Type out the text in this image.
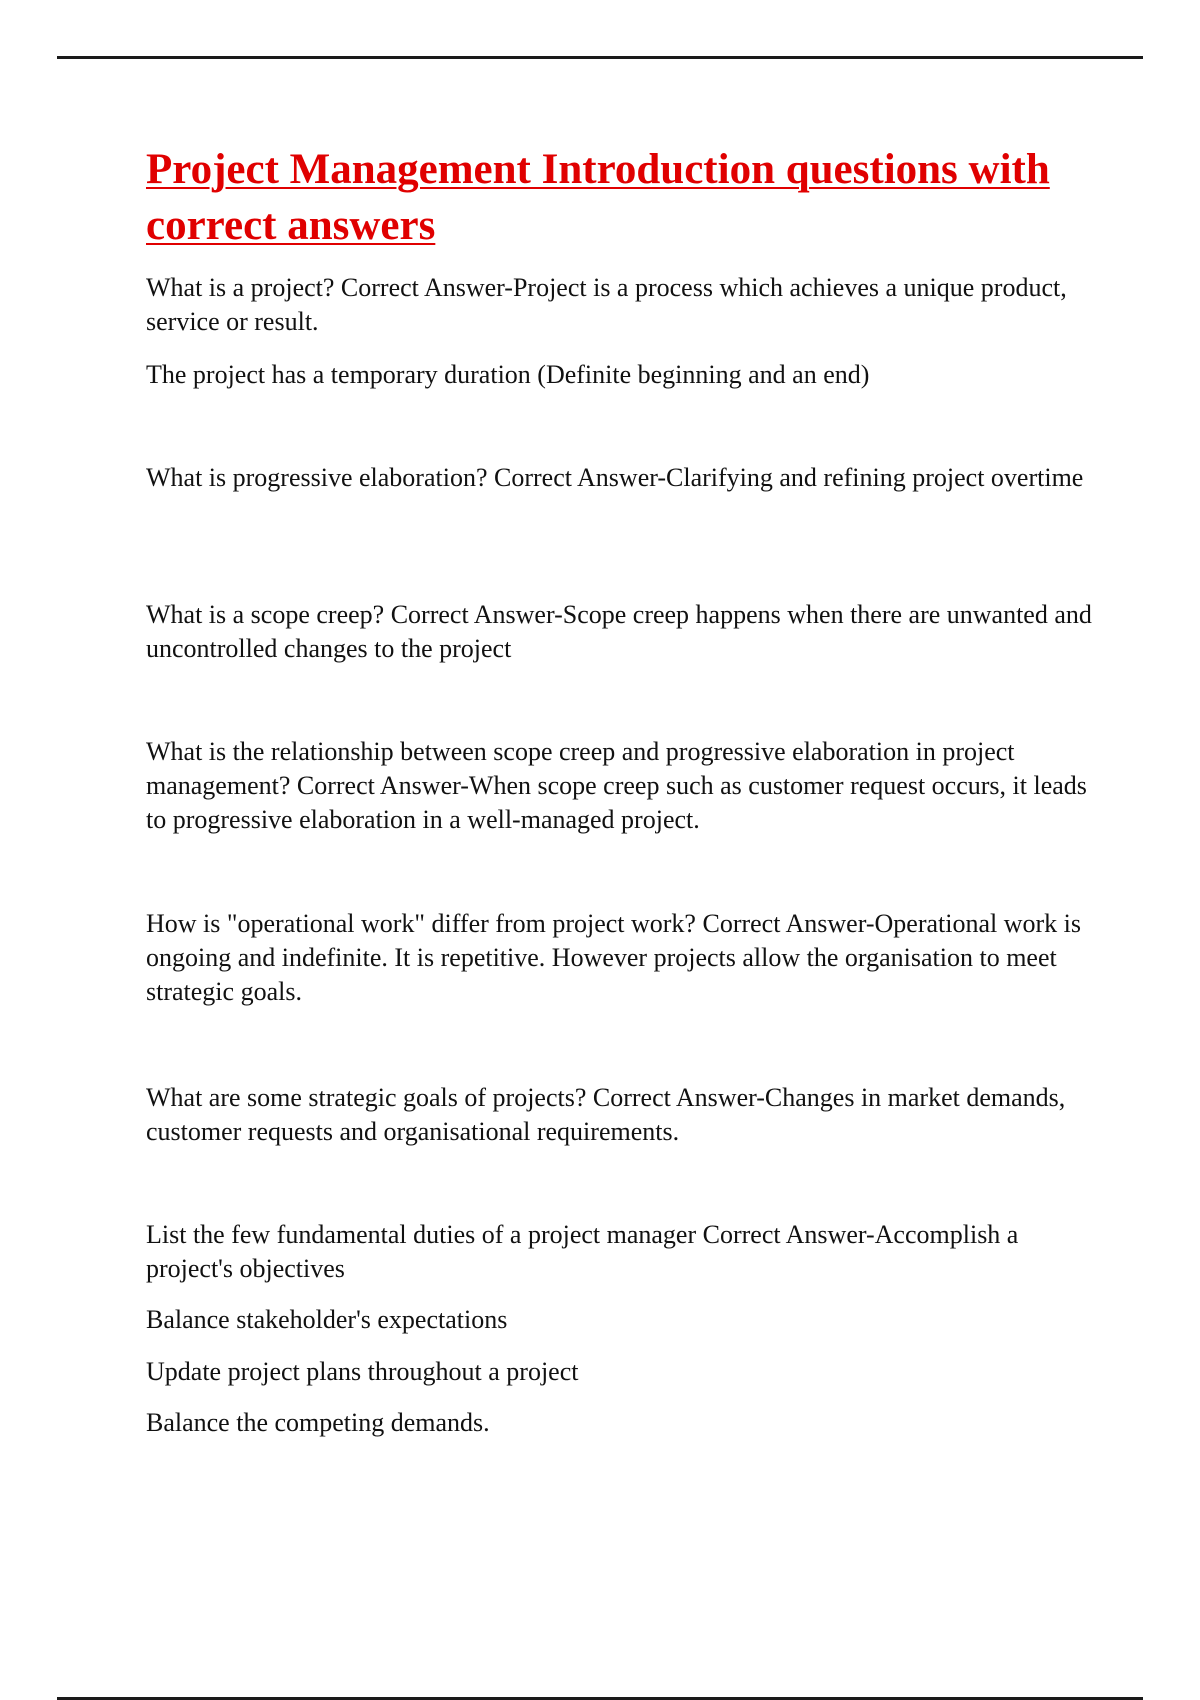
Project Management Introduction questions with correct answers

What is a project? Correct Answer-Project is a process which achieves a unique product, service or result.

The project has a temporary duration (Definite beginning and an end)

What is progressive elaboration? Correct Answer-Clarifying and refining project overtime

What is a scope creep? Correct Answer-Scope creep happens when there are unwanted and uncontrolled changes to the project

What is the relationship between scope creep and progressive elaboration in project management? Correct Answer-When scope creep such as customer request occurs, it leads to progressive elaboration in a well-managed project.

How is "operational work" differ from project work? Correct Answer-Operational work is ongoing and indefinite. It is repetitive. However projects allow the organisation to meet strategic goals.

What are some strategic goals of projects? Correct Answer-Changes in market demands, customer requests and organisational requirements.

List the few fundamental duties of a project manager Correct Answer-Accomplish a project's objectives

Balance stakeholder's expectations

Update project plans throughout a project

Balance the competing demands.
